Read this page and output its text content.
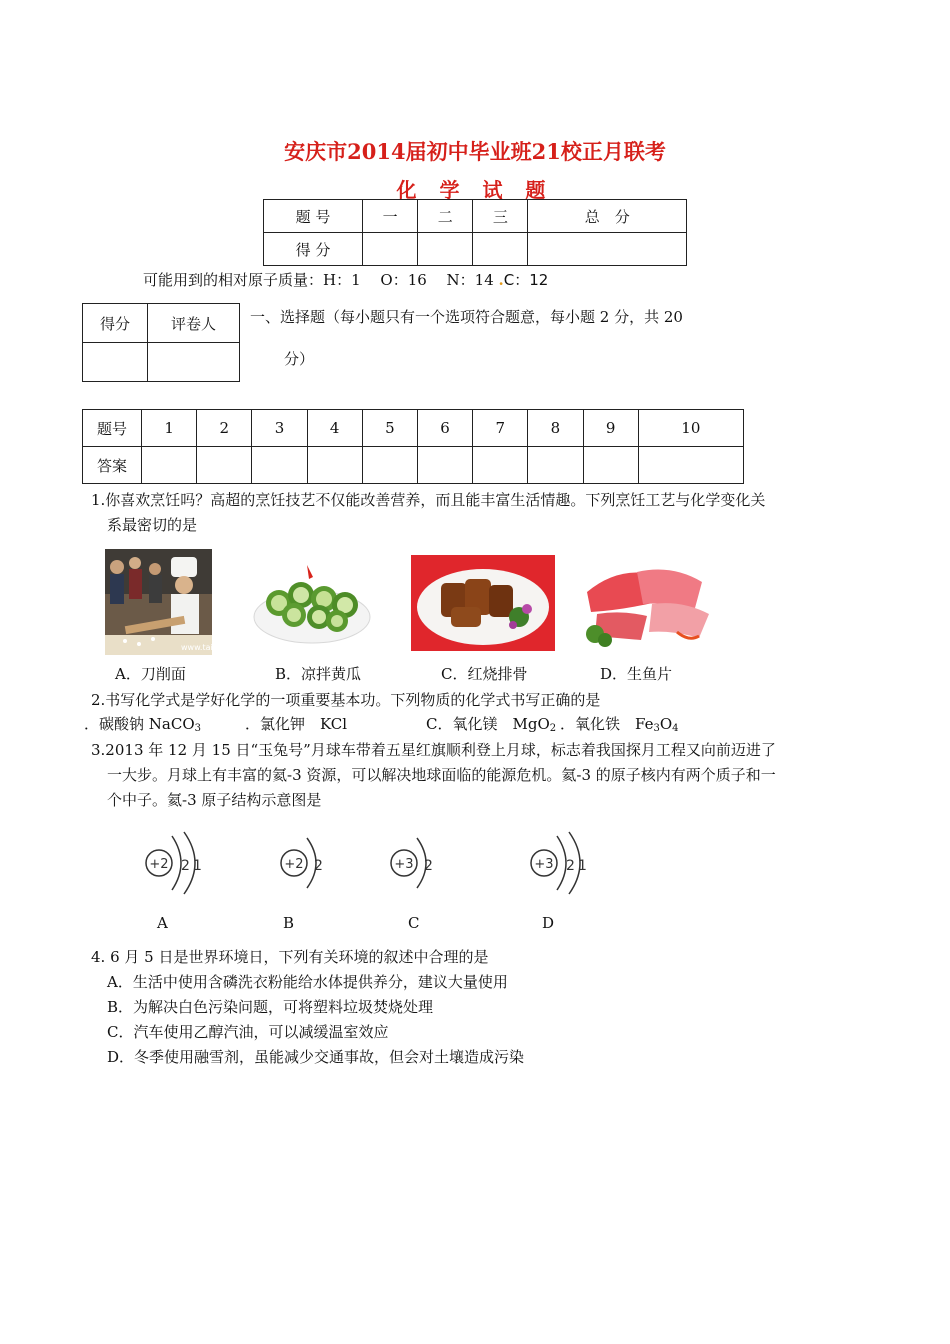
安庆市2014届初中毕业班21校正月联考
化 学 试 题
题 号	一	二	三	总　分
得 分				
可能用到的相对原子质量：H：1　 O：16　 N：14 .C：12
得分	评卷人
	一、选择题（每小题只有一个选项符合题意，每小题 2 分，共 20
分）
题号	1	2	3	4	5	6	7	8	9	10
答案										
1.你喜欢烹饪吗？高超的烹饪技艺不仅能改善营养，而且能丰富生活情趣。下列烹饪工艺与化学变化关
系最密切的是
www.taiia
A．刀削面	B．凉拌黄瓜	C．红烧排骨	D．生鱼片
2.书写化学式是学好化学的一项重要基本功。下列物质的化学式书写正确的是
．碳酸钠 NaCO$_3$	．氯化钾　KCl	C．氧化镁　MgO$_2$ ．氧化铁　$Fe_3O_4$
3.2013 年 12 月 15 日“玉兔号”月球车带着五星红旗顺利登上月球，标志着我国探月工程又向前迈进了
一大步。月球上有丰富的氦-3 资源，可以解决地球面临的能源危机。氦-3 的原子核内有两个质子和一
个中子。氦-3 原子结构示意图是
+2 2 1	+2 2	+3 2	+3 2 1
A	B	C	D
4. 6 月 5 日是世界环境日，下列有关环境的叙述中合理的是
A．生活中使用含磷洗衣粉能给水体提供养分，建议大量使用
B．为解决白色污染问题，可将塑料垃圾焚烧处理
C．汽车使用乙醇汽油，可以减缓温室效应
D．冬季使用融雪剂，虽能减少交通事故，但会对土壤造成污染
